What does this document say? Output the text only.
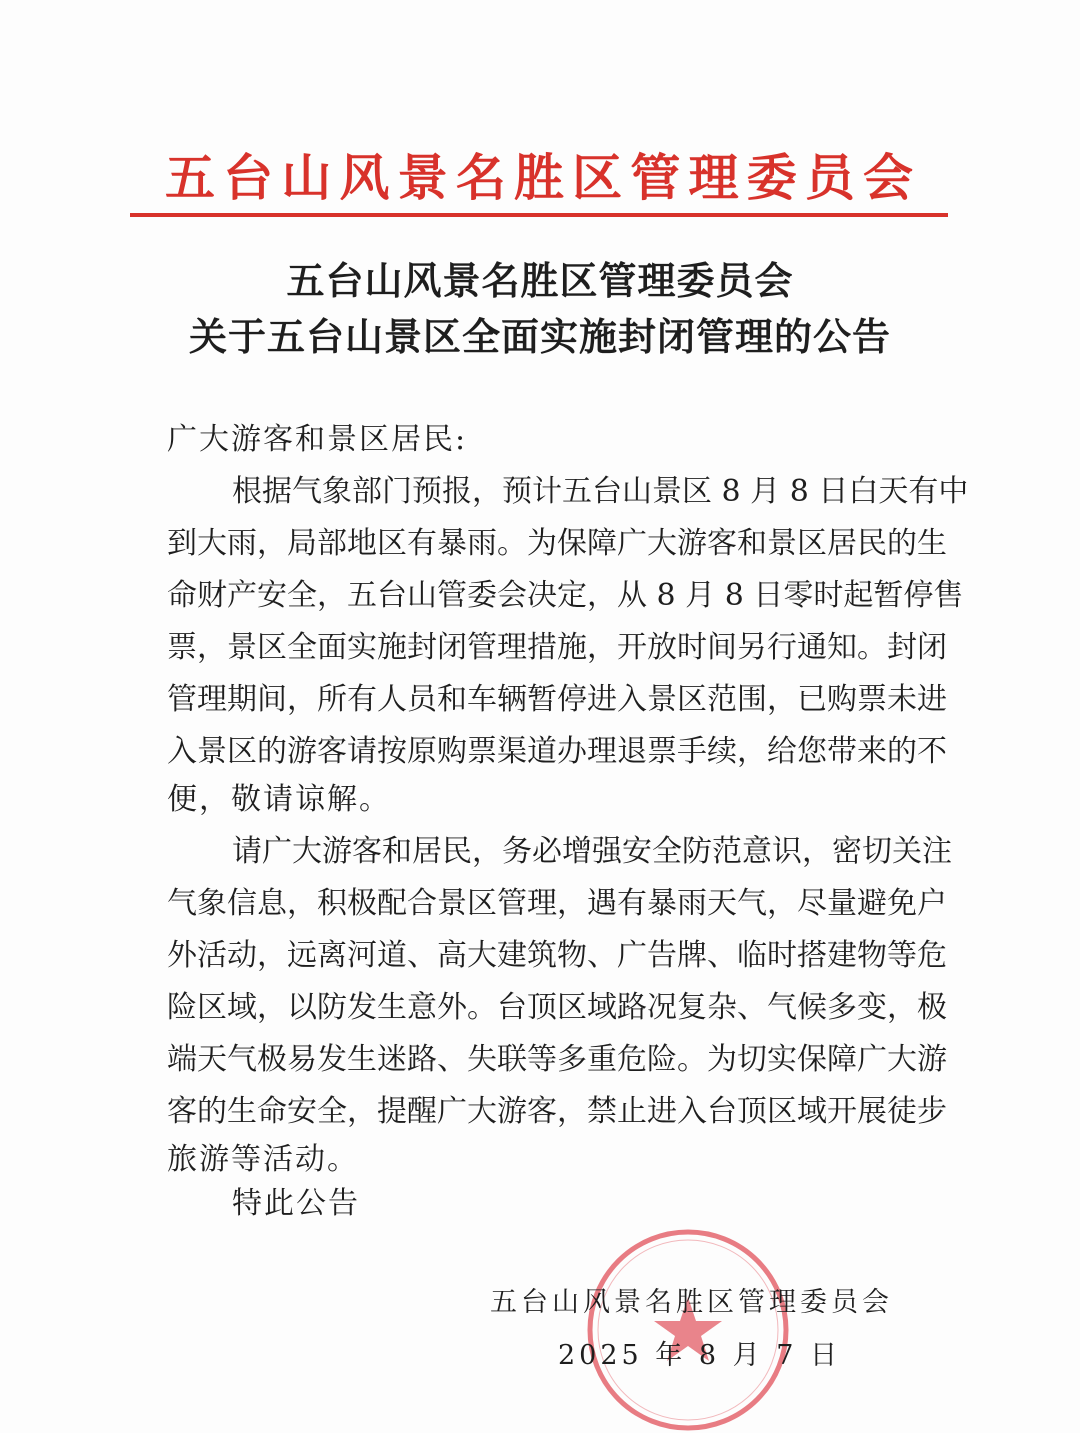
五台山风景名胜区管理委员会
五台山风景名胜区管理委员会
关于五台山景区全面实施封闭管理的公告
广大游客和景区居民:
根据气象部门预报，预计五台山景区 8 月 8 日白天有中
到大雨，局部地区有暴雨。为保障广大游客和景区居民的生
命财产安全，五台山管委会决定，从 8 月 8 日零时起暂停售
票，景区全面实施封闭管理措施，开放时间另行通知。封闭
管理期间，所有人员和车辆暂停进入景区范围，已购票未进
入景区的游客请按原购票渠道办理退票手续，给您带来的不
便，敬请谅解。
请广大游客和居民，务必增强安全防范意识，密切关注
气象信息，积极配合景区管理，遇有暴雨天气，尽量避免户
外活动，远离河道、高大建筑物、广告牌、临时搭建物等危
险区域，以防发生意外。台顶区域路况复杂、气候多变，极
端天气极易发生迷路、失联等多重危险。为切实保障广大游
客的生命安全，提醒广大游客，禁止进入台顶区域开展徒步
旅游等活动。
特此公告
五台山风景名胜区管理委员会
2025 年 8 月 7 日
